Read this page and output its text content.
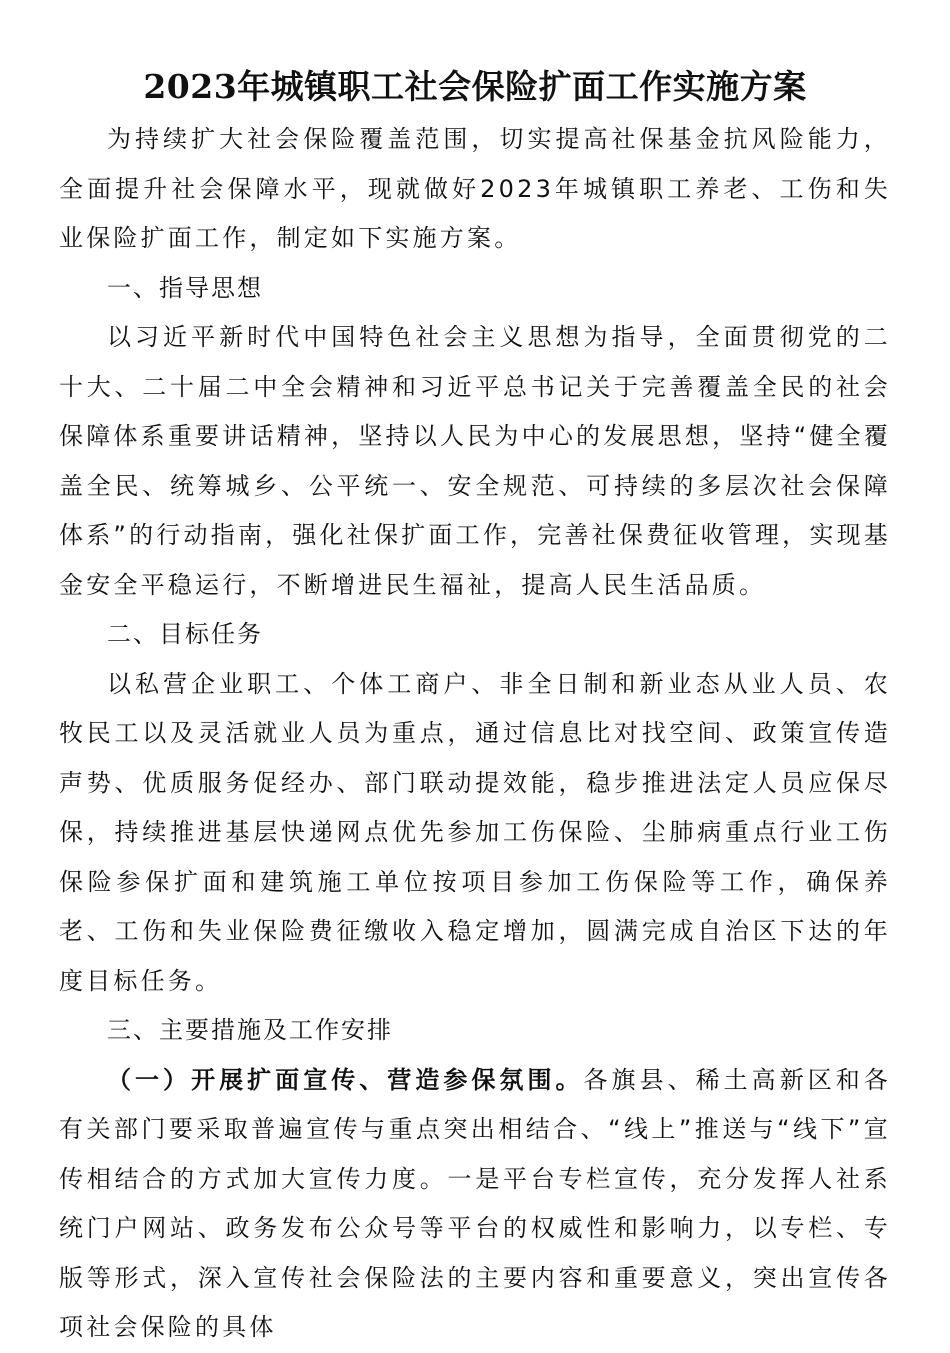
2023年城镇职工社会保险扩面工作实施方案

为持续扩大社会保险覆盖范围，切实提高社保基金抗风险能力，全面提升社会保障水平，现就做好2023年城镇职工养老、工伤和失业保险扩面工作，制定如下实施方案。

一、指导思想

以习近平新时代中国特色社会主义思想为指导，全面贯彻党的二十大、二十届二中全会精神和习近平总书记关于完善覆盖全民的社会保障体系重要讲话精神，坚持以人民为中心的发展思想，坚持“健全覆盖全民、统筹城乡、公平统一、安全规范、可持续的多层次社会保障体系”的行动指南，强化社保扩面工作，完善社保费征收管理，实现基金安全平稳运行，不断增进民生福祉，提高人民生活品质。

二、目标任务

以私营企业职工、个体工商户、非全日制和新业态从业人员、农牧民工以及灵活就业人员为重点，通过信息比对找空间、政策宣传造声势、优质服务促经办、部门联动提效能，稳步推进法定人员应保尽保，持续推进基层快递网点优先参加工伤保险、尘肺病重点行业工伤保险参保扩面和建筑施工单位按项目参加工伤保险等工作，确保养老、工伤和失业保险费征缴收入稳定增加，圆满完成自治区下达的年度目标任务。

三、主要措施及工作安排

（一）开展扩面宣传、营造参保氛围。各旗县、稀土高新区和各有关部门要采取普遍宣传与重点突出相结合、“线上”推送与“线下”宣传相结合的方式加大宣传力度。一是平台专栏宣传，充分发挥人社系统门户网站、政务发布公众号等平台的权威性和影响力，以专栏、专版等形式，深入宣传社会保险法的主要内容和重要意义，突出宣传各项社会保险的具体
